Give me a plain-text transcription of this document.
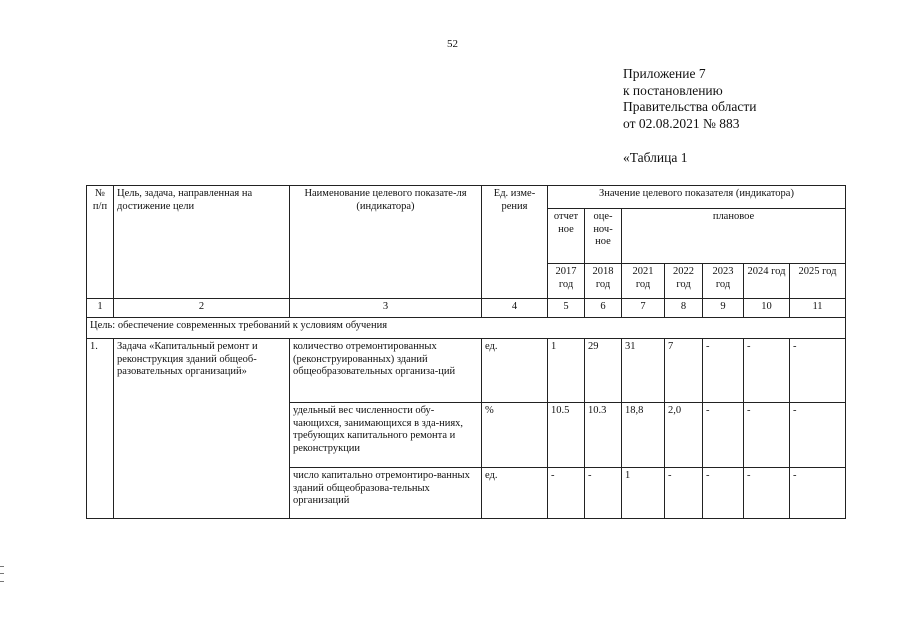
52
Приложение 7
к постановлению
Правительства области
от 02.08.2021 № 883
«Таблица 1
№ п/п	Цель, задача, направленная на достижение цели	Наименование целевого показате-ля (индикатора)	Ед. изме-рения	Значение целевого показателя (индикатора)						
				отчет ное	оце-ноч-ное	плановое				
				2017 год	2018 год	2021 год	2022 год	2023 год	2024 год	2025 год
1	2	3	4	5	6	7	8	9	10	11
Цель: обеспечение современных требований к условиям обучения										
1.	Задача «Капитальный ремонт и реконструкция зданий общеоб-разовательных организаций»	количество отремонтированных (реконструированных) зданий общеобразовательных организа-ций	ед.	1	29	31	7	-	-	-
		удельный вес численности обу-чающихся, занимающихся в зда-ниях, требующих капитального ремонта и реконструкции	%	10.5	10.3	18,8	2,0	-	-	-
		число капитально отремонтиро-ванных зданий общеобразова-тельных организаций	ед.	-	-	1	-	-	-	-
